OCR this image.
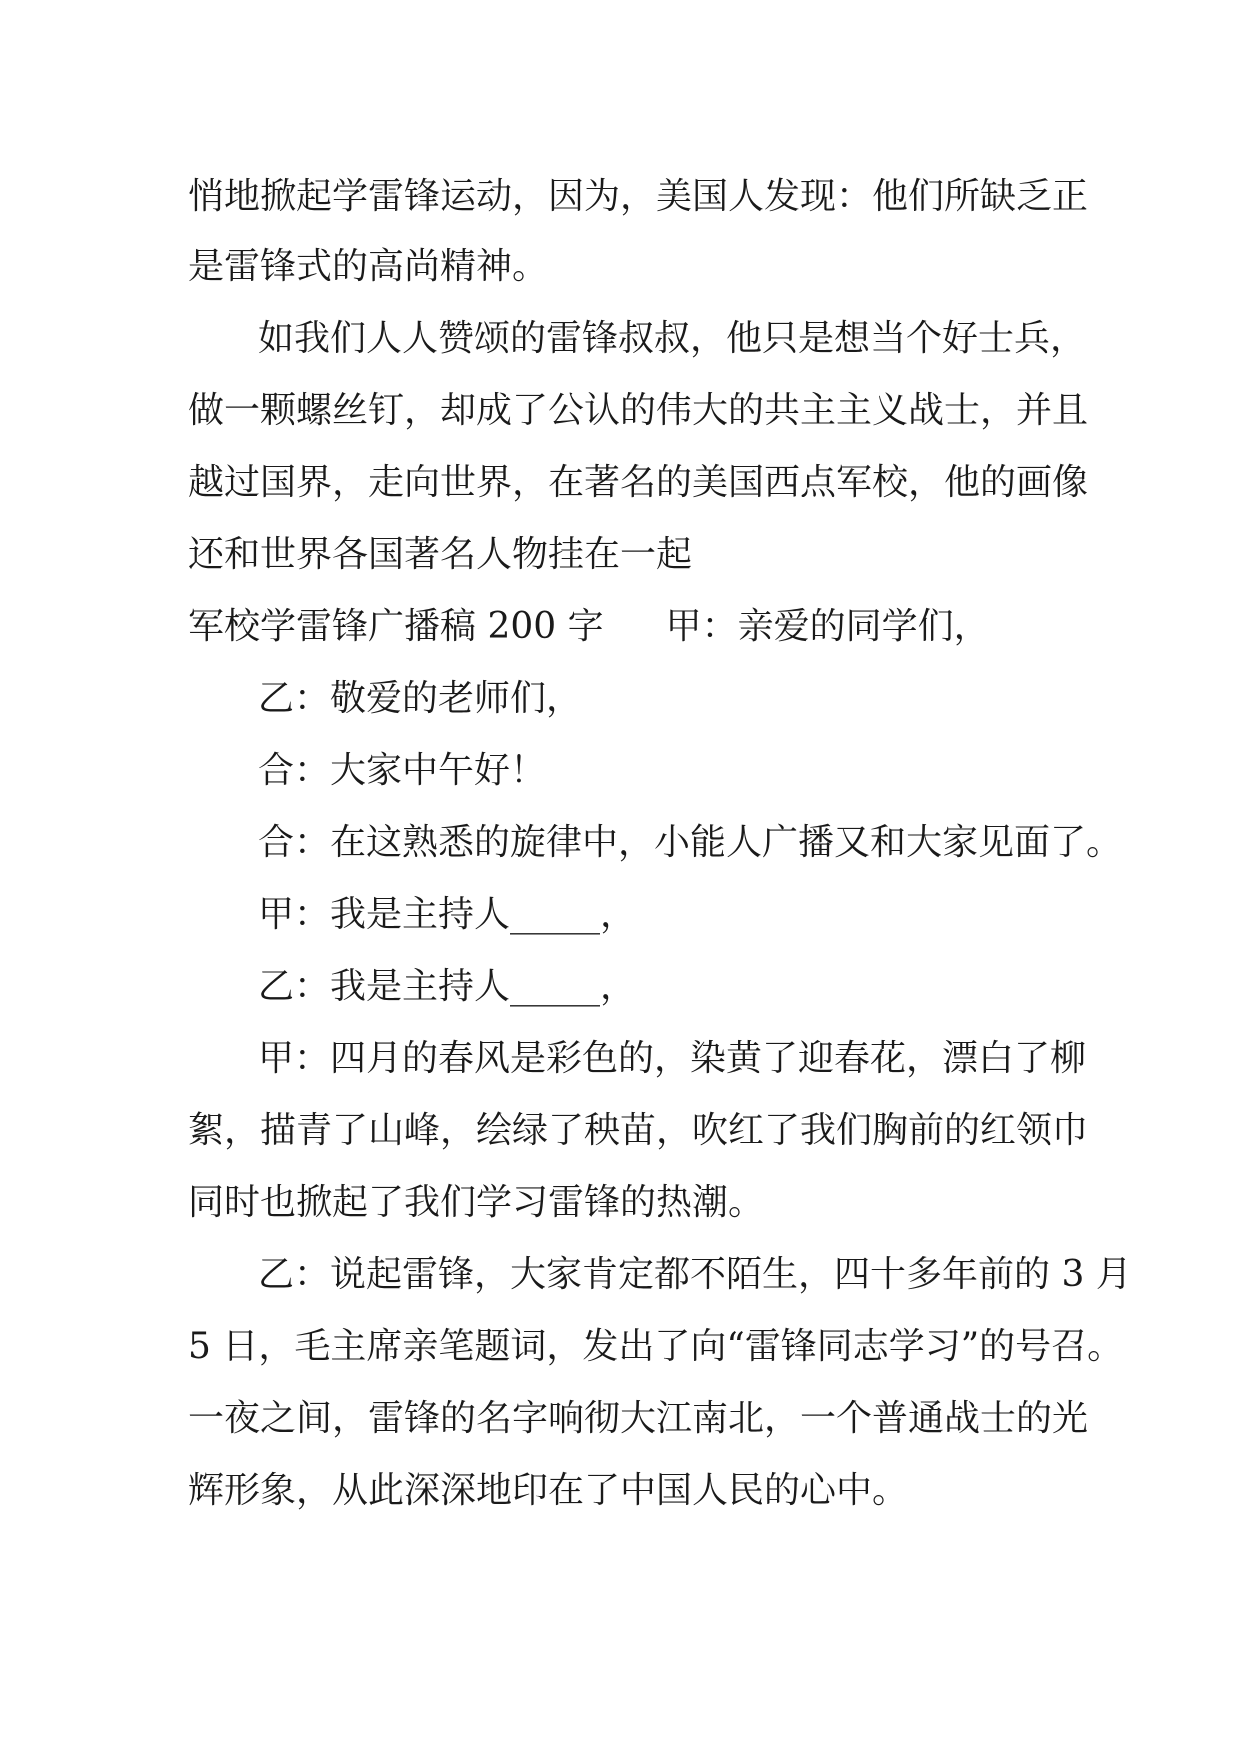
悄地掀起学雷锋运动，因为，美国人发现：他们所缺乏正

是雷锋式的高尚精神。

如我们人人赞颂的雷锋叔叔，他只是想当个好士兵，

做一颗螺丝钉，却成了公认的伟大的共主主义战士，并且

越过国界，走向世界，在著名的美国西点军校，他的画像

还和世界各国著名人物挂在一起

军校学雷锋广播稿 200 字 甲：亲爱的同学们，

乙：敬爱的老师们，

合：大家中午好！

合：在这熟悉的旋律中，小能人广播又和大家见面了。

甲：我是主持人_____，

乙：我是主持人_____，

甲：四月的春风是彩色的，染黄了迎春花，漂白了柳

絮，描青了山峰，绘绿了秧苗，吹红了我们胸前的红领巾

同时也掀起了我们学习雷锋的热潮。

乙：说起雷锋，大家肯定都不陌生，四十多年前的 3 月

5 日，毛主席亲笔题词，发出了向“雷锋同志学习”的号召。

一夜之间，雷锋的名字响彻大江南北，一个普通战士的光

辉形象，从此深深地印在了中国人民的心中。
